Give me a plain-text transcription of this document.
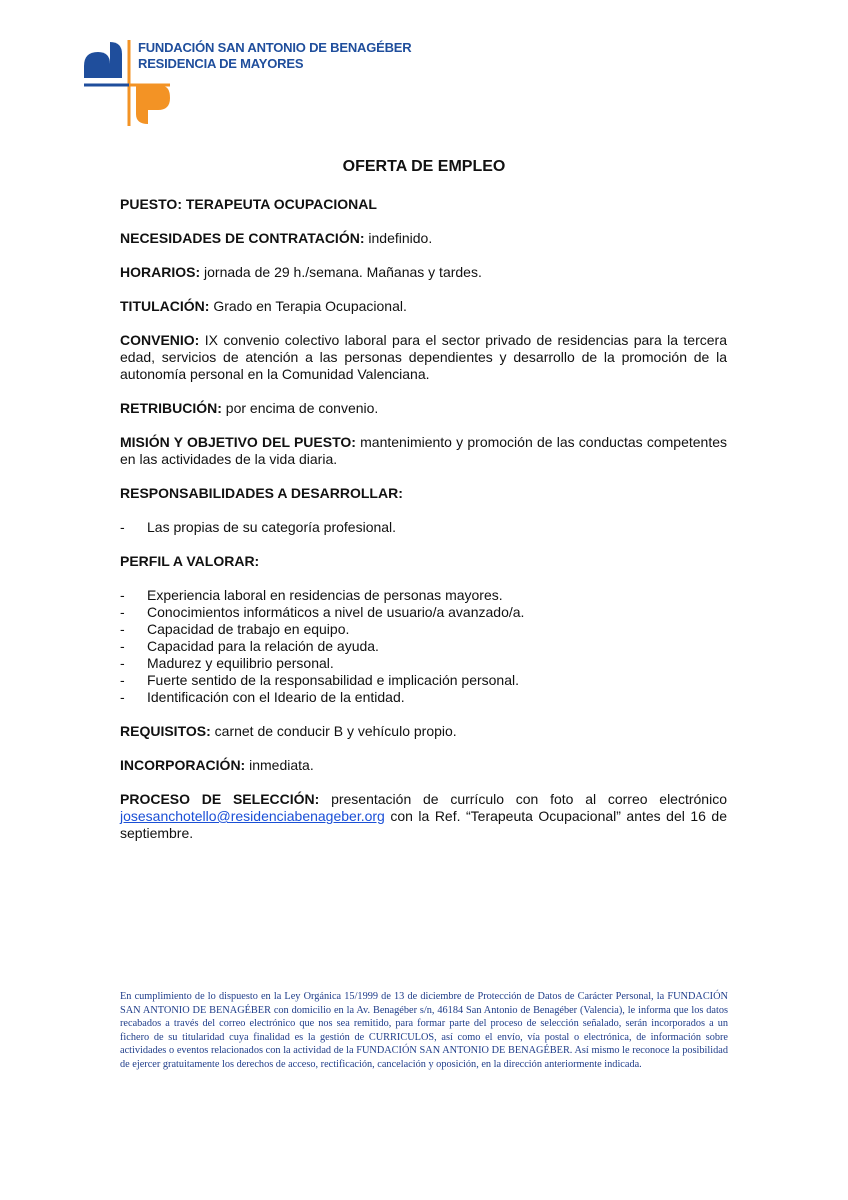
FUNDACIÓN SAN ANTONIO DE BENAGÉBER
RESIDENCIA DE MAYORES
OFERTA DE EMPLEO

PUESTO: TERAPEUTA OCUPACIONAL

NECESIDADES DE CONTRATACIÓN: indefinido.

HORARIOS: jornada de 29 h./semana. Mañanas y tardes.

TITULACIÓN: Grado en Terapia Ocupacional.

CONVENIO: IX convenio colectivo laboral para el sector privado de residencias para la tercera edad, servicios de atención a las personas dependientes y desarrollo de la promoción de la autonomía personal en la Comunidad Valenciana.

RETRIBUCIÓN: por encima de convenio.

MISIÓN Y OBJETIVO DEL PUESTO: mantenimiento y promoción de las conductas competentes en las actividades de la vida diaria.

RESPONSABILIDADES A DESARROLLAR:

- Las propias de su categoría profesional.

PERFIL A VALORAR:

- Experiencia laboral en residencias de personas mayores.
- Conocimientos informáticos a nivel de usuario/a avanzado/a.
- Capacidad de trabajo en equipo.
- Capacidad para la relación de ayuda.
- Madurez y equilibrio personal.
- Fuerte sentido de la responsabilidad e implicación personal.
- Identificación con el Ideario de la entidad.

REQUISITOS: carnet de conducir B y vehículo propio.

INCORPORACIÓN: inmediata.

PROCESO DE SELECCIÓN: presentación de currículo con foto al correo electrónico josesanchotello@residenciabenageber.org con la Ref. “Terapeuta Ocupacional” antes del 16 de septiembre.

En cumplimiento de lo dispuesto en la Ley Orgánica 15/1999 de 13 de diciembre de Protección de Datos de Carácter Personal, la FUNDACIÓN SAN ANTONIO DE BENAGÉBER con domicilio en la Av. Benagéber s/n, 46184 San Antonio de Benagéber (Valencia), le informa que los datos recabados a través del correo electrónico que nos sea remitido, para formar parte del proceso de selección señalado, serán incorporados a un fichero de su titularidad cuya finalidad es la gestión de CURRICULOS, así como el envío, vía postal o electrónica, de información sobre actividades o eventos relacionados con la actividad de la FUNDACIÓN SAN ANTONIO DE BENAGÉBER. Así mismo le reconoce la posibilidad de ejercer gratuitamente los derechos de acceso, rectificación, cancelación y oposición, en la dirección anteriormente indicada.
